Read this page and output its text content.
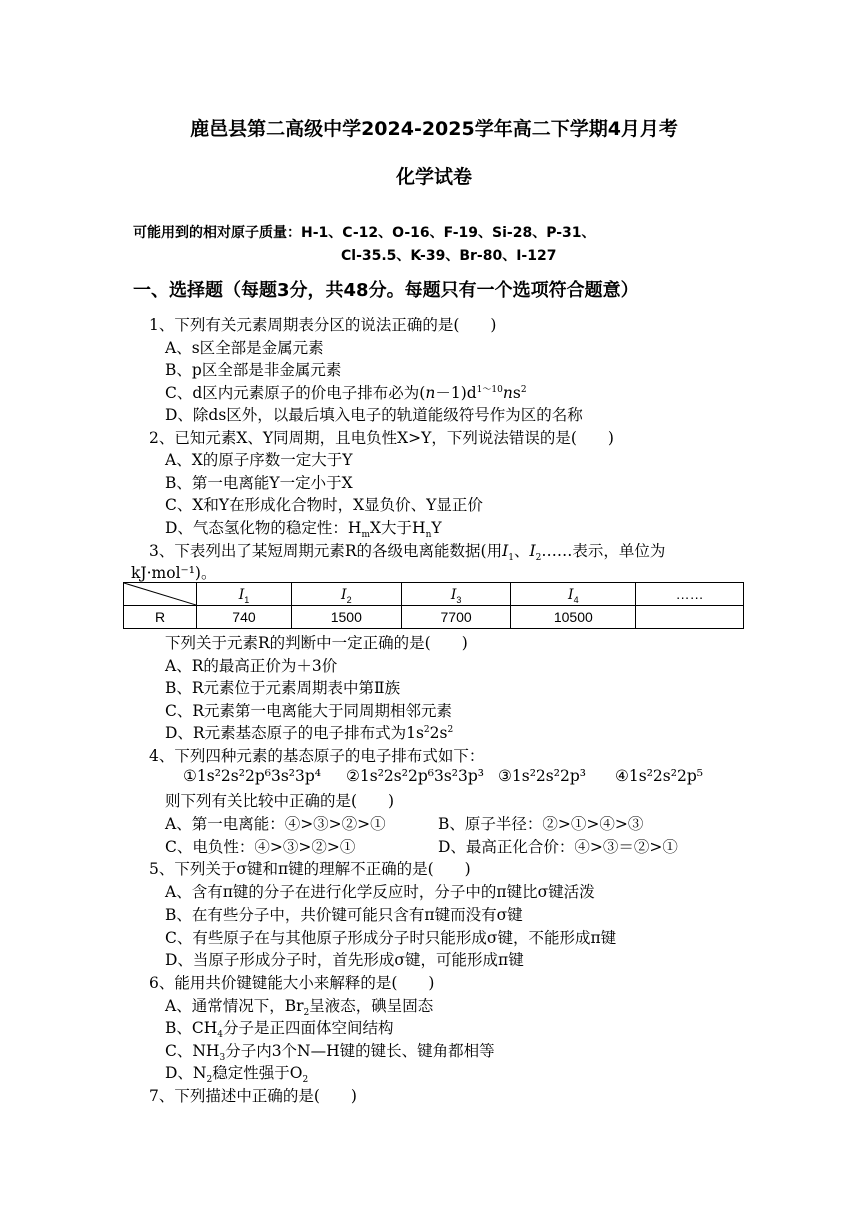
鹿邑县第二高级中学2024-2025学年高二下学期4月月考
化学试卷
可能用到的相对原子质量：H-1、C-12、O-16、F-19、Si-28、P-31、
Cl-35.5、K-39、Br-80、I-127
一、选择题（每题3分，共48分。每题只有一个选项符合题意）
1、下列有关元素周期表分区的说法正确的是(　　)
A、s区全部是金属元素
B、p区全部是非金属元素
C、d区内元素原子的价电子排布必为$(n-1)d^{1\sim 10}ns^2$
D、除ds区外，以最后填入电子的轨道能级符号作为区的名称
2、已知元素X、Y同周期，且电负性X>Y，下列说法错误的是(　　)
A、X的原子序数一定大于Y
B、第一电离能Y一定小于X
C、X和Y在形成化合物时，X显负价、Y显正价
D、气态氢化物的稳定性：$H_mX$大于$H_nY$
3、下表列出了某短周期元素R的各级电离能数据(用$I_1$、$I_2\dots\dots$表示，单位为
kJ·mol⁻¹)。
	$I_1$	$I_2$	$I_3$	$I_4$	……
R	740	1500	7700	10500	
下列关于元素R的判断中一定正确的是(　　)
A、R的最高正价为＋3价
B、R元素位于元素周期表中第Ⅱ族
C、R元素第一电离能大于同周期相邻元素
D、R元素基态原子的电子排布式为$1s^22s^2$
4、下列四种元素的基态原子的电子排布式如下：
①1s²2s²2p⁶3s²3p⁴ ②1s²2s²2p⁶3s²3p³ ③1s²2s²2p³ ④1s²2s²2p⁵
则下列有关比较中正确的是(　　)
A、第一电离能：④>③>②>①	B、原子半径：②>①>④>③
C、电负性：④>③>②>①	D、最高正化合价：④>③＝②>①
5、下列关于σ键和π键的理解不正确的是(　　)
A、含有π键的分子在进行化学反应时，分子中的π键比σ键活泼
B、在有些分子中，共价键可能只含有π键而没有σ键
C、有些原子在与其他原子形成分子时只能形成σ键，不能形成π键
D、当原子形成分子时，首先形成σ键，可能形成π键
6、能用共价键键能大小来解释的是(　　)
A、通常情况下，$Br_2$呈液态，碘呈固态
B、$CH_4$分子是正四面体空间结构
C、$NH_3$分子内3个N—H键的键长、键角都相等
D、$N_2$稳定性强于$O_2$
7、下列描述中正确的是(　　)
